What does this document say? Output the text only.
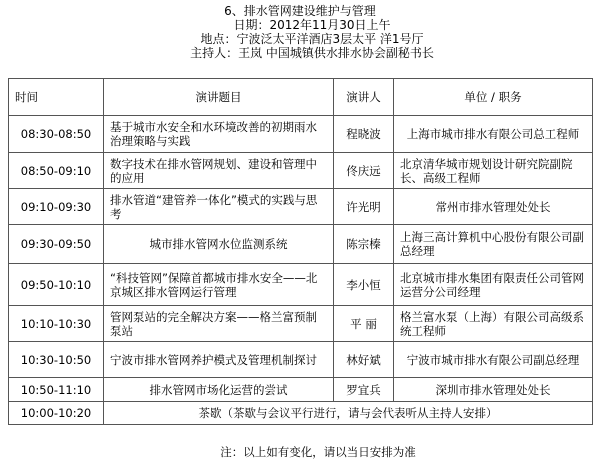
6、排水管网建设维护与管理
日期：2012年11月30日上午
地点：宁波泛太平洋酒店3层太平 洋1号厅
主持人：王岚 中国城镇供水排水协会副秘书长
时间	演讲题目	演讲人	单位 / 职务
08:30-08:50	基于城市水安全和水环境改善的初期雨水治理策略与实践	程晓波	上海市城市排水有限公司总工程师
08:50-09:10	数字技术在排水管网规划、建设和管理中的应用	佟庆远	北京清华城市规划设计研究院副院长、高级工程师
09:10-09:30	排水管道“建管养一体化”模式的实践与思考	许光明	常州市排水管理处处长
09:30-09:50	城市排水管网水位监测系统	陈宗榛	上海三高计算机中心股份有限公司副总经理
09:50-10:10	“科技管网”保障首都城市排水安全——北京城区排水管网运行管理	李小恒	北京城市排水集团有限责任公司管网运营分公司经理
10:10-10:30	管网泵站的完全解决方案——格兰富预制泵站	平 丽	格兰富水泵（上海）有限公司高级系统工程师
10:30-10:50	宁波市排水管网养护模式及管理机制探讨	林好斌	宁波市城市排水有限公司副总经理
10:50-11:10	排水管网市场化运营的尝试	罗宜兵	深圳市排水管理处处长
10:00-10:20	茶歇（茶歇与会议平行进行，请与会代表听从主持人安排）		
注：以上如有变化，请以当日安排为准
